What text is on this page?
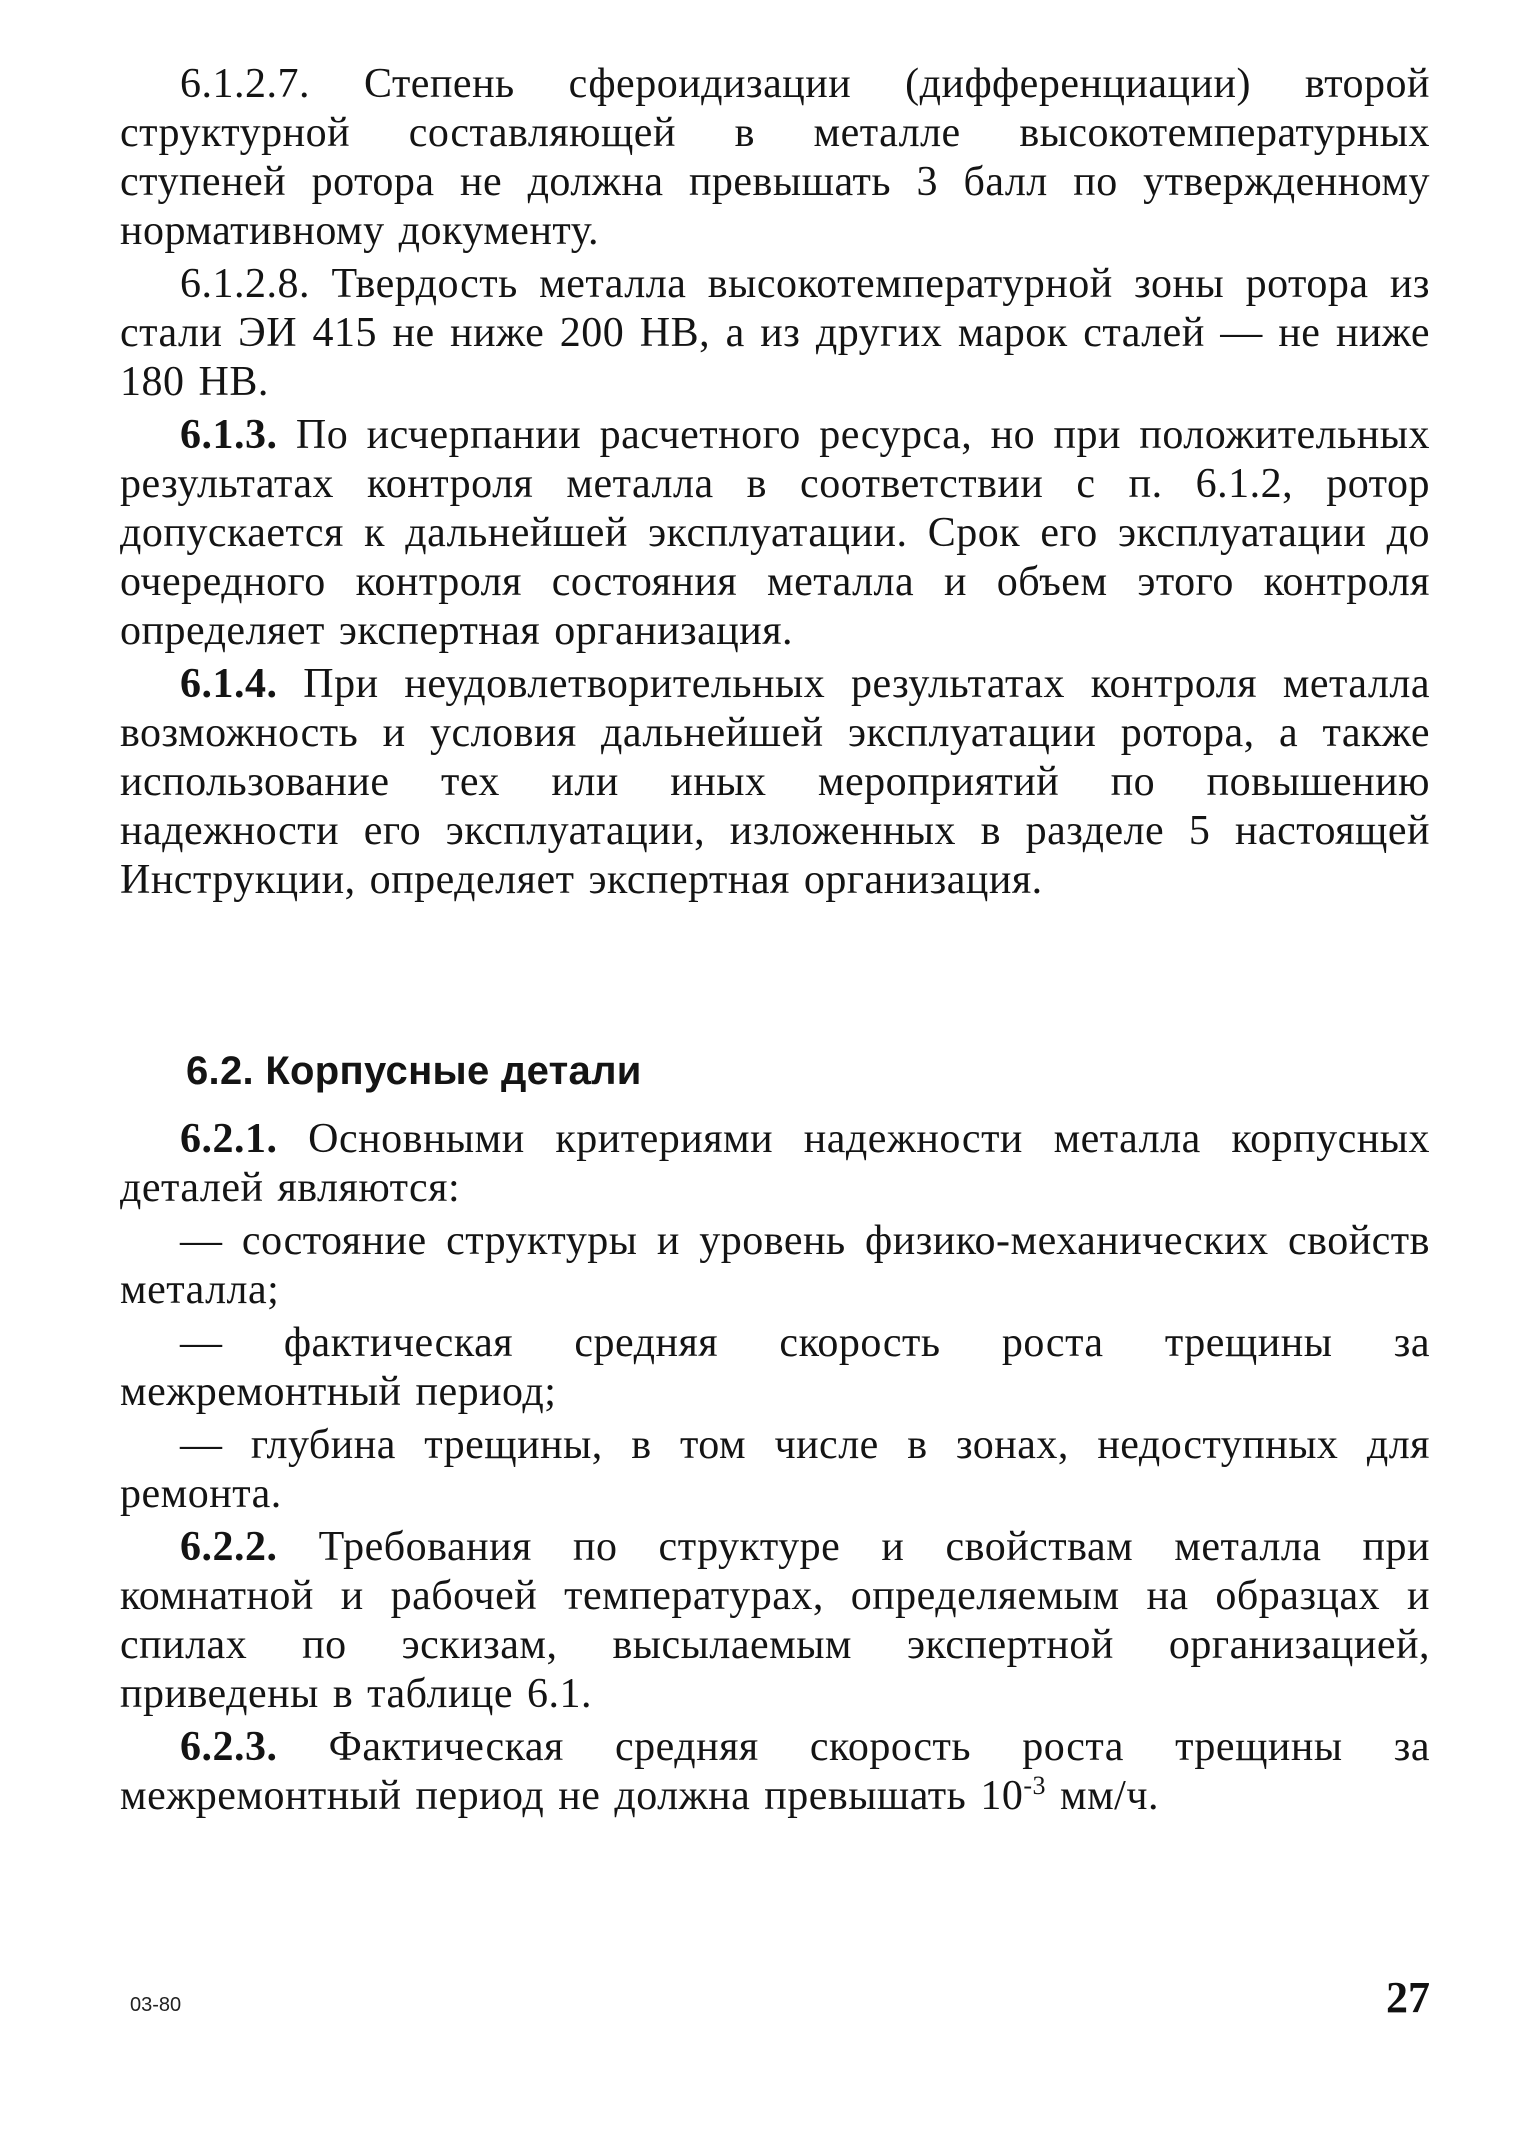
6.1.2.7. Степень сфероидизации (дифференциации) второй структурной составляющей в металле высокотемпературных ступеней ротора не должна превышать 3 балл по утвержденному нормативному документу.

6.1.2.8. Твердость металла высокотемпературной зоны ротора из стали ЭИ 415 не ниже 200 НВ, а из других марок сталей — не ниже 180 НВ.

6.1.3. По исчерпании расчетного ресурса, но при положительных результатах контроля металла в соответствии с п. 6.1.2, ротор допускается к дальнейшей эксплуатации. Срок его эксплуатации до очередного контроля состояния металла и объем этого контроля определяет экспертная организация.

6.1.4. При неудовлетворительных результатах контроля металла возможность и условия дальнейшей эксплуатации ротора, а также использование тех или иных мероприятий по повышению надежности его эксплуатации, изложенных в разделе 5 настоящей Инструкции, определяет экспертная организация.

6.2. Корпусные детали

6.2.1. Основными критериями надежности металла корпусных деталей являются:

— состояние структуры и уровень физико-механических свойств металла;

— фактическая средняя скорость роста трещины за межремонтный период;

— глубина трещины, в том числе в зонах, недоступных для ремонта.

6.2.2. Требования по структуре и свойствам металла при комнатной и рабочей температурах, определяемым на образцах и спилах по эскизам, высылаемым экспертной организацией, приведены в таблице 6.1.

6.2.3. Фактическая средняя скорость роста трещины за межремонтный период не должна превышать $10^{-3}$ мм/ч.

03-80	27
